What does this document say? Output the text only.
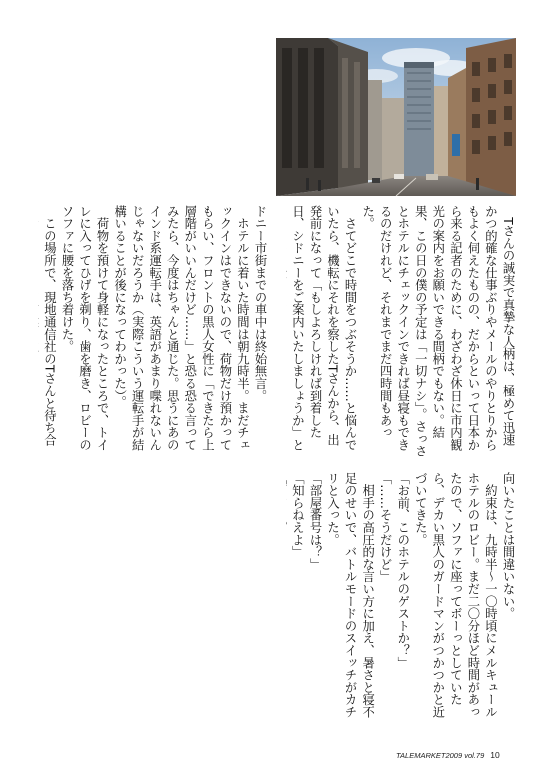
　Tさんの誠実で真摯な人柄は、極めて迅速かつ的確な仕事ぶりやメールのやりとりからもよく伺えたものの、だからといって日本から来る記者のために、わざわざ休日に市内観光の案内をお願いできる間柄でもない。結果、この日の僕の予定は「一切ナシ」。さっさとホテルにチェックインできれば昼寝もできるのだけれど、それまでまだ四時間もあった。
　さてどこで時間をつぶそうか……と悩んでいたら、機転にそれを察したTさんから、出発前になって「もしよろしければ到着した日、シドニーをご案内いたしましょうか」と

ドニー市街までの車中は終始無言。
　ホテルに着いた時間は朝九時半。まだチェックインはできないので、荷物だけ預かってもらい、フロントの黒人女性に「できたら上層階がいいんだけど……」と恐る恐る言ってみたら、今度はちゃんと通じた。思うにあのインド系運転手は、英語があまり喋れないんじゃないだろうか（実際こういう運転手が結構いることが後になってわかった）。
　荷物を預けて身軽になったところで、トイレに入ってひげを剃り、歯を磨き、ロビーのソファに腰を落ち着けた。
　この場所で、現地通信社のTさんと待ち合

向いたことは間違いない。
　約束は、九時半～一〇時頃にメルキュールホテルのロビー。まだ二〇分ほど時間があったので、ソファに座ってボーっとしていたら、デカい黒人のガードマンがつかつかと近づいてきた。
「お前、このホテルのゲストか？」
「……そうだけど」
　相手の高圧的な言い方に加え、暑さと寝不足のせいで、バトルモードのスイッチがカチリと入った。
「部屋番号は？」
「知らねえよ」

TALEMARKET2009 vol.79 10
